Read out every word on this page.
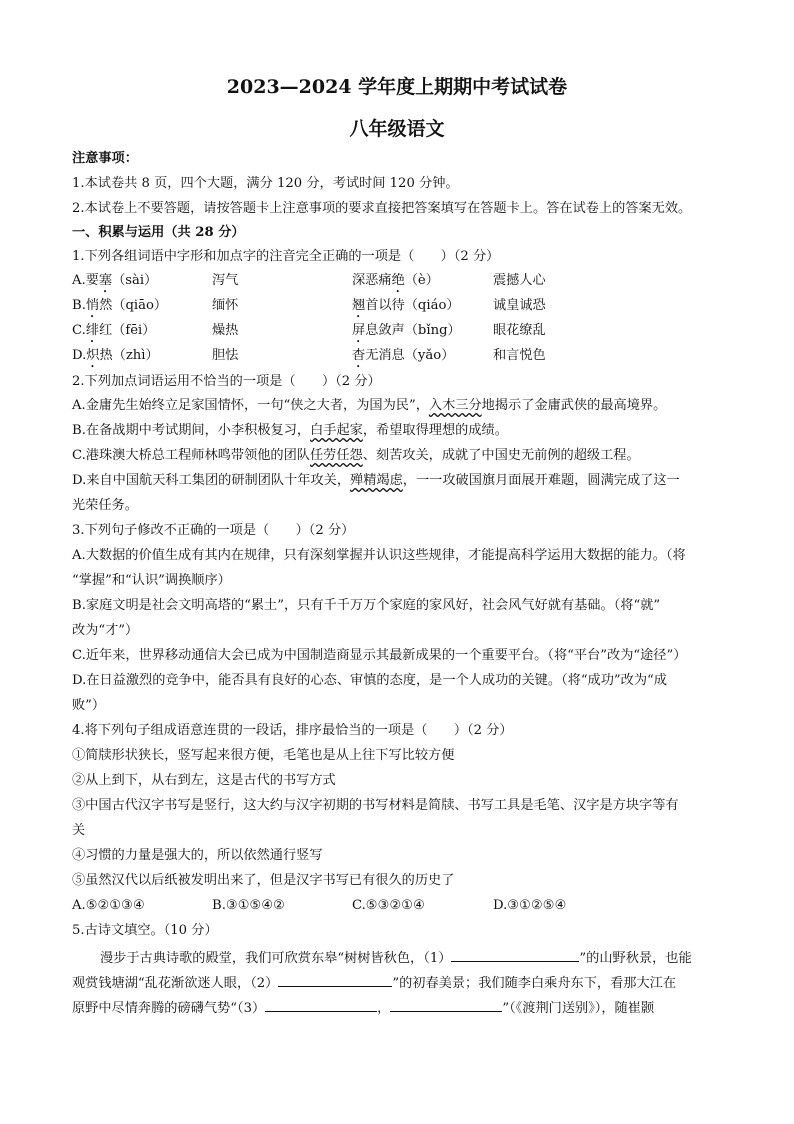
2023—2024 学年度上期期中考试试卷
八年级语文
注意事项：
1.本试卷共 8 页，四个大题，满分 120 分，考试时间 120 分钟。
2.本试卷上不要答题，请按答题卡上注意事项的要求直接把答案填写在答题卡上。答在试卷上的答案无效。
一、积累与运用（共 28 分）
1.下列各组词语中字形和加点字的注音完全正确的一项是（　　）（2 分）
A.要塞（sài）	泻气	深恶痛绝（è）	震撼人心
B.悄然（qiāo）	缅怀	翘首以待（qiáo）	诚皇诚恐
C.绯红（fēi）	燥热	屏息敛声（bǐng） 眼花缭乱
D.炽热（zhì）	胆怯	杳无消息（yǎo）	和言悦色
2.下列加点词语运用不恰当的一项是（　　）（2 分）
A.金庸先生始终立足家国情怀，一句“侠之大者，为国为民”，入木三分地揭示了金庸武侠的最高境界。
B.在备战期中考试期间，小李积极复习，白手起家，希望取得理想的成绩。
C.港珠澳大桥总工程师林鸣带领他的团队任劳任怨、刻苦攻关，成就了中国史无前例的超级工程。
D.来自中国航天科工集团的研制团队十年攻关，殚精竭虑，一一攻破国旗月面展开难题，圆满完成了这一
光荣任务。
3.下列句子修改不正确的一项是（　　）（2 分）
A.大数据的价值生成有其内在规律，只有深刻掌握并认识这些规律，才能提高科学运用大数据的能力。（将
“掌握”和“认识”调换顺序）
B.家庭文明是社会文明高塔的“累土”，只有千千万万个家庭的家风好，社会风气好就有基础。（将“就”
改为“才”）
C.近年来，世界移动通信大会已成为中国制造商显示其最新成果的一个重要平台。（将“平台”改为“途径”）
D.在日益激烈的竞争中，能否具有良好的心态、审慎的态度，是一个人成功的关键。（将“成功”改为“成
败”）
4.将下列句子组成语意连贯的一段话，排序最恰当的一项是（　　）（2 分）
①简牍形状狭长，竖写起来很方便，毛笔也是从上往下写比较方便
②从上到下，从右到左，这是古代的书写方式
③中国古代汉字书写是竖行，这大约与汉字初期的书写材料是简牍、书写工具是毛笔、汉字是方块字等有
关
④习惯的力量是强大的，所以依然通行竖写
⑤虽然汉代以后纸被发明出来了，但是汉字书写已有很久的历史了
A.⑤②①③④	B.③①⑤④②	C.⑤③②①④	D.③①②⑤④
5.古诗文填空。（10 分）
漫步于古典诗歌的殿堂，我们可欣赏东皋“树树皆秋色，（1）	”的山野秋景，也能
观赏钱塘湖“乱花渐欲迷人眼，（2）	”的初春美景；我们随李白乘舟东下，看那大江在
原野中尽情奔腾的磅礴气势“（3）	，	”（《渡荆门送别》），随崔颢
